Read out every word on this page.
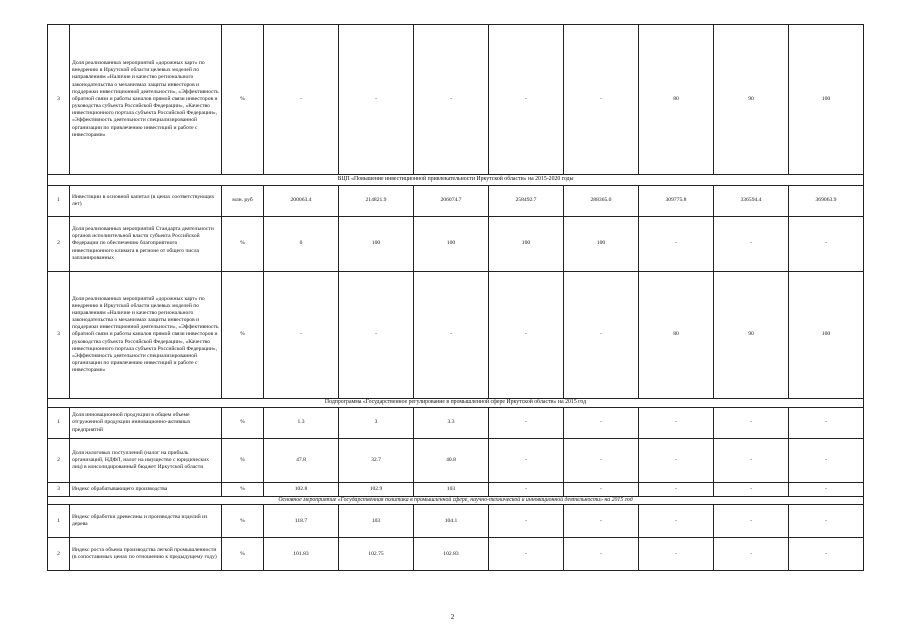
3	Доля реализованных мероприятий «дорожных карт» по внедрению в Иркутской области целевых моделей по направлениям «Наличие и качество регионального законодательства о механизмах защиты инвесторов и поддержки инвестиционной деятельности», «Эффективность обратной связи и работы каналов прямой связи инвесторов и руководства субъекта Российской Федерации», «Качество инвестиционного портала субъекта Российской Федерации», «Эффективность деятельности специализированной организации по привлечению инвестиций и работе с инвесторами»	%	-	-	-	-	-	80	90	100
ВЦП «Повышение инвестиционной привлекательности Иркутской области» на 2015-2020 годы										
1	Инвестиции в основной капитал (в ценах соответствующих лет)	млн. руб	200063.4	214821.9	206074.7	258492.7	288365.0	309775.8	336594.4	369063.9
2	Доля реализованных мероприятий Стандарта деятельности органов исполнительной власти субъекта Российской Федерации по обеспечению благоприятного инвестиционного климата в регионе от общего числа запланированных	%	0	100	100	100	100	-	-	-
3	Доля реализованных мероприятий «дорожных карт» по внедрению в Иркутской области целевых моделей по направлениям «Наличие и качество регионального законодательства о механизмах защиты инвесторов и поддержки инвестиционной деятельности», «Эффективность обратной связи и работы каналов прямой связи инвесторов и руководства субъекта Российской Федерации», «Качество инвестиционного портала субъекта Российской Федерации», «Эффективность деятельности специализированной организации по привлечению инвестиций и работе с инвесторами»	%	-	-	-	-	-	80	90	100
Подпрограмма «Государственное регулирование в промышленной сфере Иркутской области» на 2015 год										
1	Доля инновационной продукции в общем объеме отгруженной продукции инновационно-активных предприятий	%	1.3	3	3.3	-	-	-	-	-
2	Доля налоговых поступлений (налог на прибыль организаций, НДФЛ, налог на имущество с юридических лиц) в консолидированный бюджет Иркутской области	%	47.8	32.7	40.8	-	-	-	-	-
3	Индекс обрабатывающего производства	%	102.8	102.9	103	-	-	-	-	-
Основное мероприятие «Государственная политика в промышленной сфере, научно-технической и инновационной деятельности» на 2015 год										
1	Индекс обработки древесины и производства изделий из дерева	%	118.7	103	104.1	-	-	-	-	-
2	Индекс роста объема производства легкой промышленности (в сопоставимых ценах по отношению к предыдущему году)	%	101.83	102.75	102.83	-	-	-	-	-
2
